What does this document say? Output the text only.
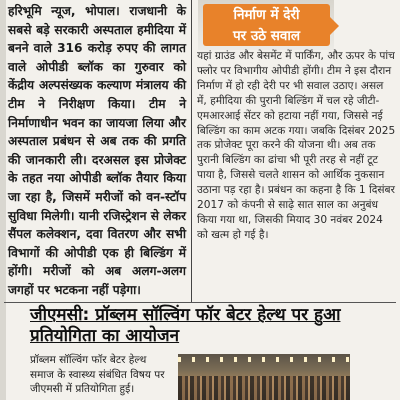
हरिभूमि न्यूज, भोपाल। राजधानी के सबसे बड़े सरकारी अस्पताल हमीदिया में बनने वाले 316 करोड़ रुपए की लागत वाले ओपीडी ब्लॉक का गुरुवार को केंद्रीय अल्पसंख्यक कल्याण मंत्रालय की टीम ने निरीक्षण किया। टीम ने निर्माणाधीन भवन का जायजा लिया और अस्पताल प्रबंधन से अब तक की प्रगति की जानकारी ली। दरअसल इस प्रोजेक्ट के तहत नया ओपीडी ब्लॉक तैयार किया जा रहा है, जिसमें मरीजों को वन-स्टॉप सुविधा मिलेगी। यानी रजिस्ट्रेशन से लेकर सैंपल कलेक्शन, दवा वितरण और सभी विभागों की ओपीडी एक ही बिल्डिंग में होंगी। मरीजों को अब अलग-अलग जगहों पर भटकना नहीं पड़ेगा।

निर्माण में देरी
पर उठे सवाल

यहां ग्राउंड और बेसमेंट में पार्किंग, और ऊपर के पांच फ्लोर पर विभागीय ओपीडी होंगी। टीम ने इस दौरान निर्माण में हो रही देरी पर भी सवाल उठाए। असल में, हमीदिया की पुरानी बिल्डिंग में चल रहे जीटी-एमआरआई सेंटर को हटाया नहीं गया, जिससे नई बिल्डिंग का काम अटक गया। जबकि दिसंबर 2025 तक प्रोजेक्ट पूरा करने की योजना थी। अब तक पुरानी बिल्डिंग का ढांचा भी पूरी तरह से नहीं टूट पाया है, जिससे चलते शासन को आर्थिक नुकसान उठाना पड़ रहा है। प्रबंधन का कहना है कि 1 दिसंबर 2017 को कंपनी से साढ़े सात साल का अनुबंध किया गया था, जिसकी मियाद 30 नवंबर 2024 को खत्म हो गई है।

जीएमसी: प्रॉब्लम सॉल्विंग फॉर बेटर हेल्थ पर हुआ
प्रतियोगिता का आयोजन
प्रॉब्लम सॉल्विंग फॉर बेटर हेल्थ समाज के स्वास्थ्य संबंधित विषय पर जीएमसी में प्रतियोगिता हुई।
